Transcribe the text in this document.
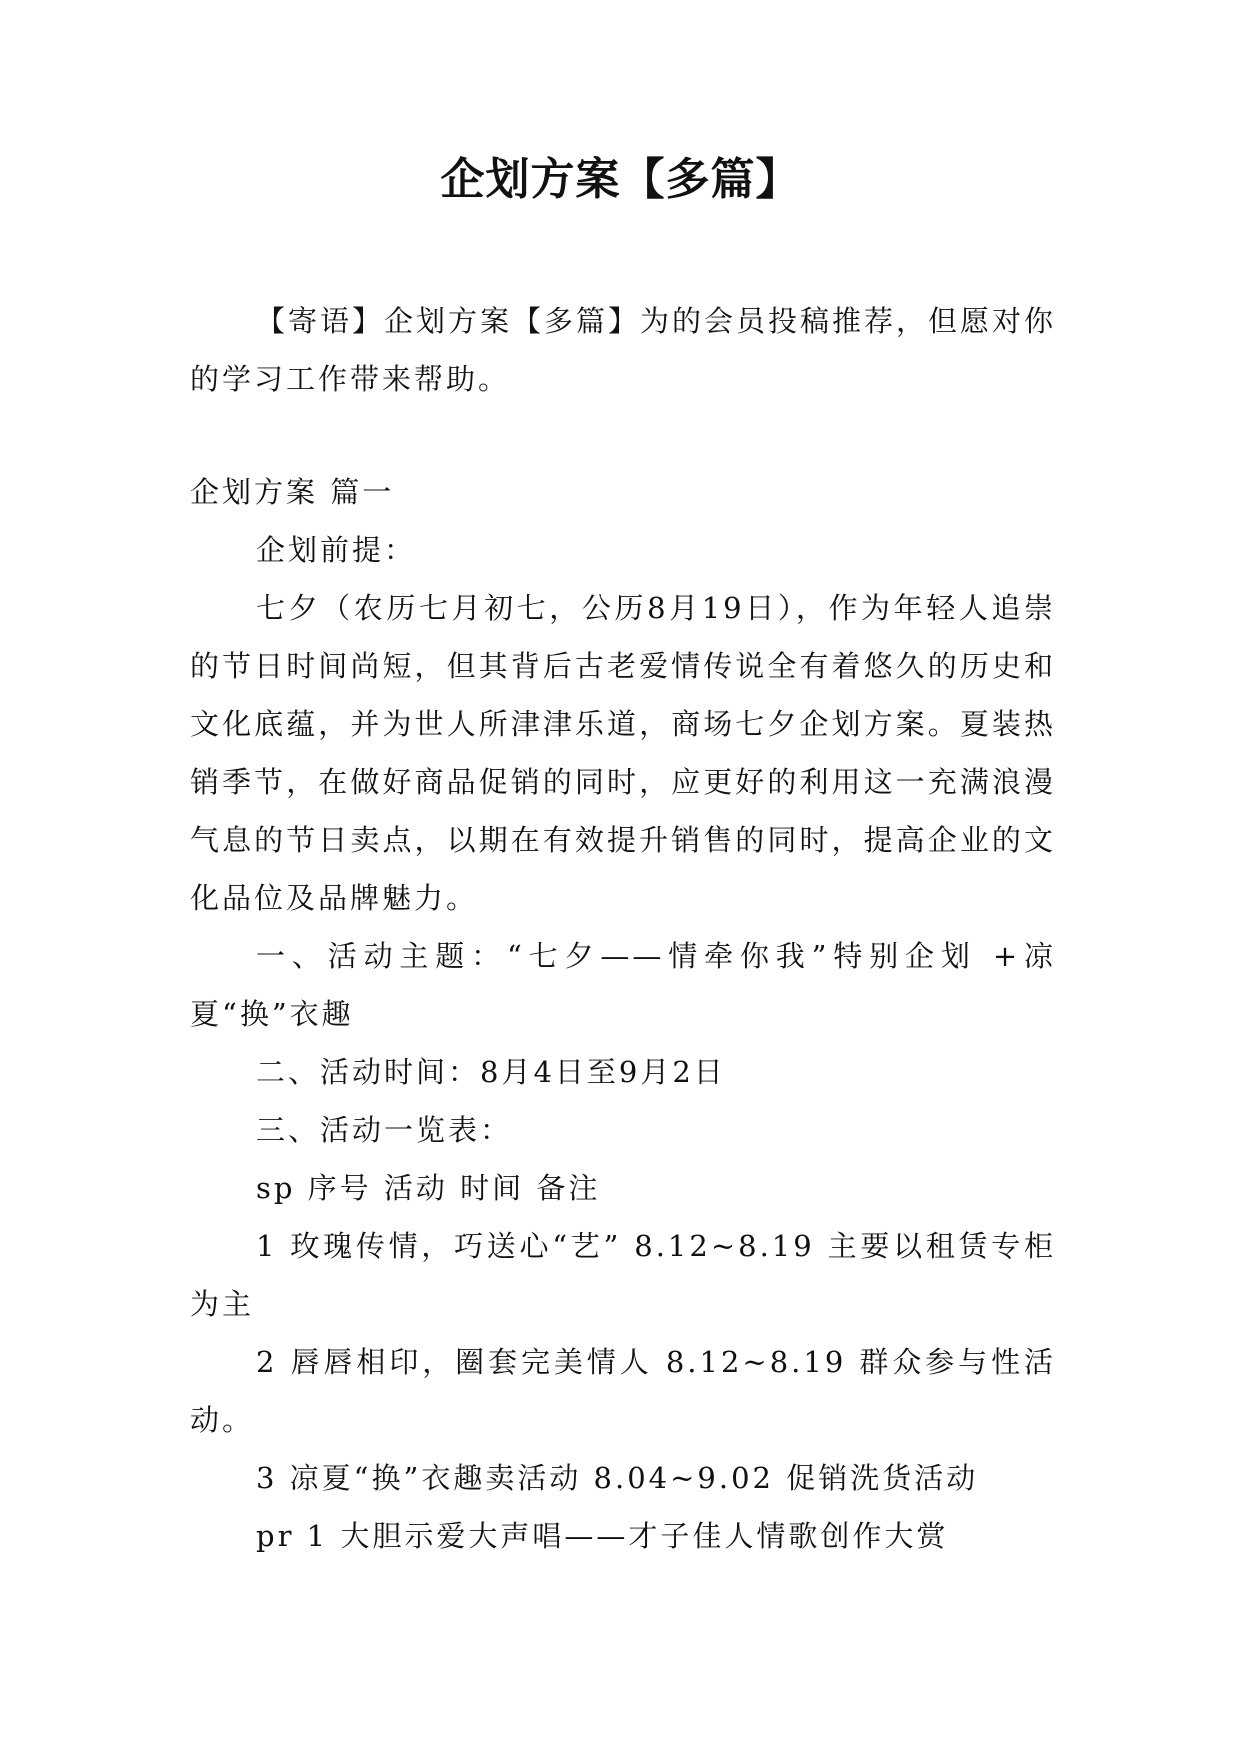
企划方案【多篇】

【寄语】企划方案【多篇】为的会员投稿推荐，但愿对你的学习工作带来帮助。

企划方案 篇一

企划前提：

七夕（农历七月初七，公历8月19日），作为年轻人追崇的节日时间尚短，但其背后古老爱情传说全有着悠久的历史和文化底蕴，并为世人所津津乐道，商场七夕企划方案。夏装热销季节，在做好商品促销的同时，应更好的利用这一充满浪漫气息的节日卖点，以期在有效提升销售的同时，提高企业的文化品位及品牌魅力。

一、活动主题：“七夕——情牵你我”特别企划 +凉夏“换”衣趣

二、活动时间：8月4日至9月2日

三、活动一览表：

sp 序号 活动 时间 备注

1 玫瑰传情，巧送心“艺” 8.12~8.19 主要以租赁专柜为主

2 唇唇相印，圈套完美情人 8.12~8.19 群众参与性活动。

3 凉夏“换”衣趣卖活动 8.04~9.02 促销洗货活动

pr 1 大胆示爱大声唱——才子佳人情歌创作大赏
